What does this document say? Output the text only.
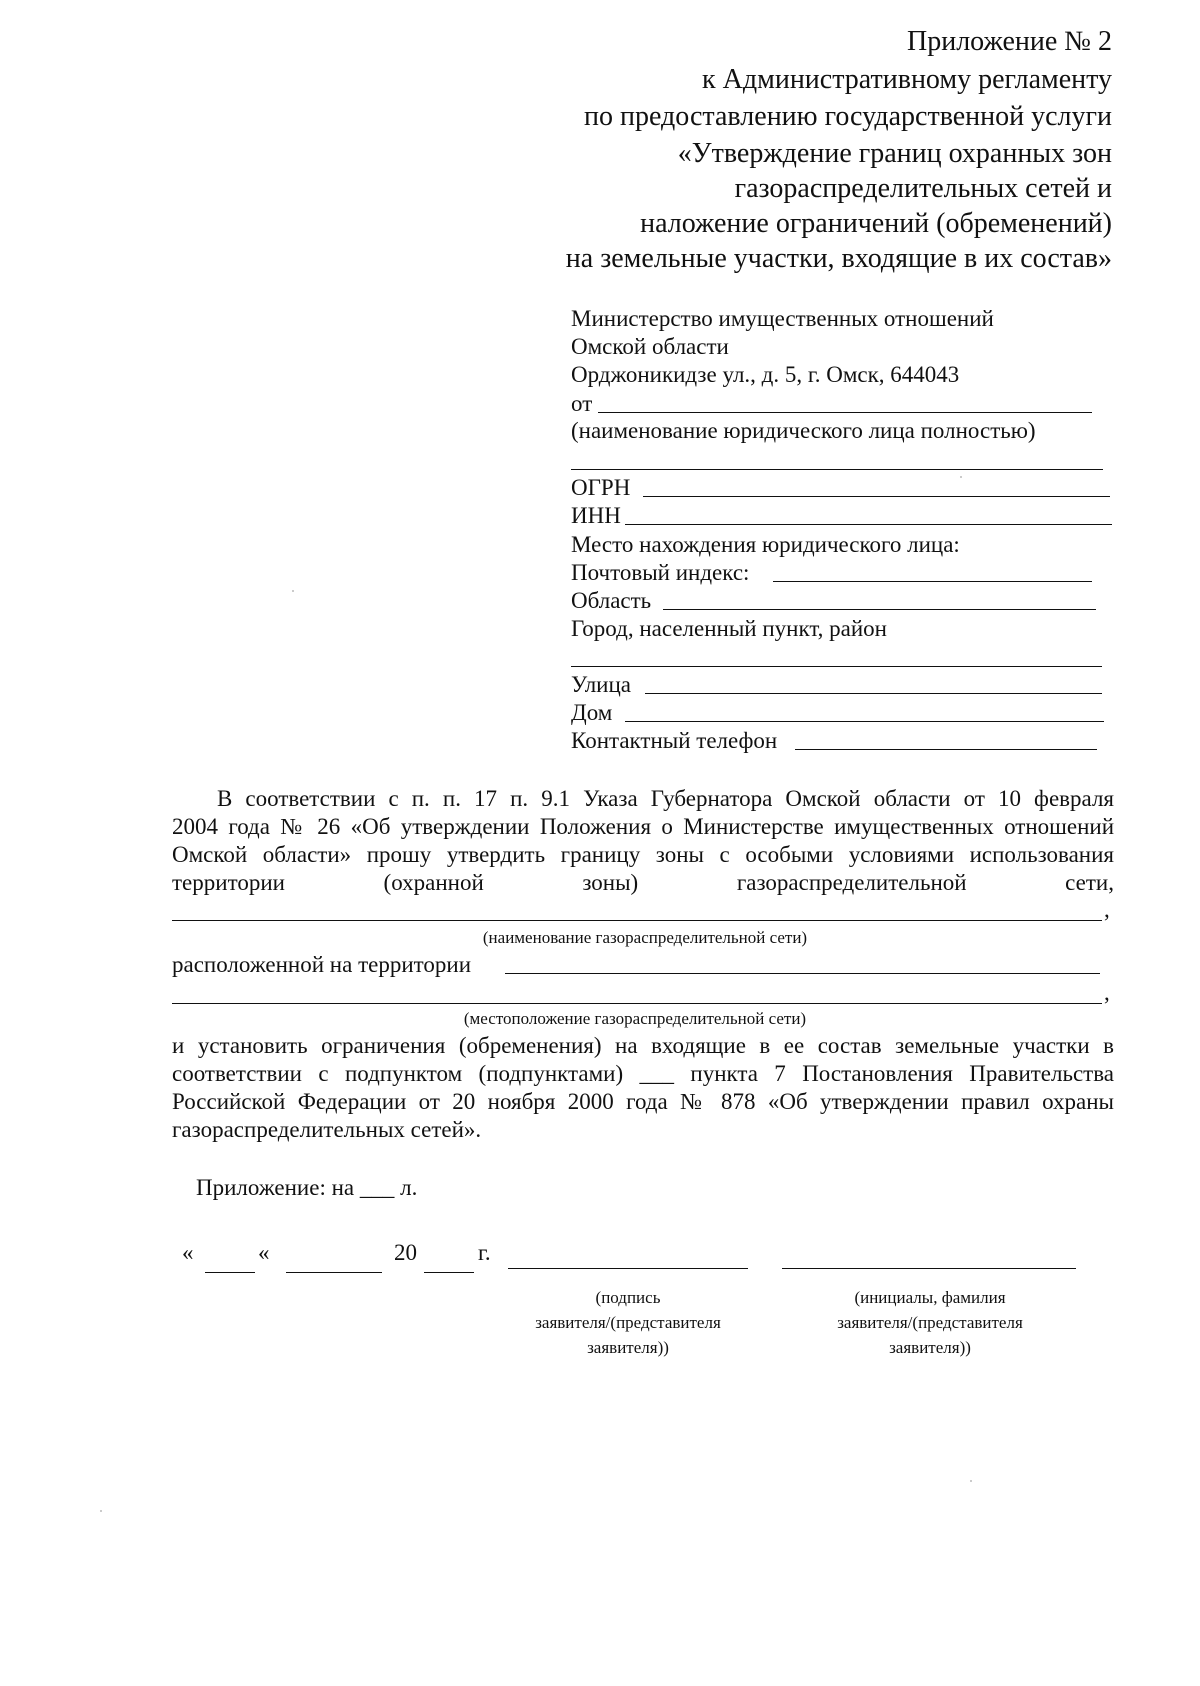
Приложение № 2
к Административному регламенту
по предоставлению государственной услуги
«Утверждение границ охранных зон
газораспределительных сетей и
наложение ограничений (обременений)
на земельные участки, входящие в их состав»
Министерство имущественных отношений
Омской области
Орджоникидзе ул., д. 5, г. Омск, 644043
от
(наименование юридического лица полностью)
ОГРН
ИНН
Место нахождения юридического лица:
Почтовый индекс:
Область
Город, населенный пункт, район
Улица
Дом
Контактный телефон
В соответствии с п. п. 17 п. 9.1 Указа Губернатора Омской области от 10 февраля
2004 года № 26 «Об утверждении Положения о Министерстве имущественных отношений
Омской области» прошу утвердить границу зоны с особыми условиями использования
территории (охранной зоны) газораспределительной сети,
,
(наименование газораспределительной сети)
расположенной на территории
,
(местоположение газораспределительной сети)
и установить ограничения (обременения) на входящие в ее состав земельные участки в
соответствии с подпунктом (подпунктами) ___ пункта 7 Постановления Правительства
Российской Федерации от 20 ноября 2000 года № 878 «Об утверждении правил охраны
газораспределительных сетей».
Приложение: на ___ л.
«	«	20	г.
(подпись
заявителя/(представителя
заявителя))
(инициалы, фамилия
заявителя/(представителя
заявителя))
